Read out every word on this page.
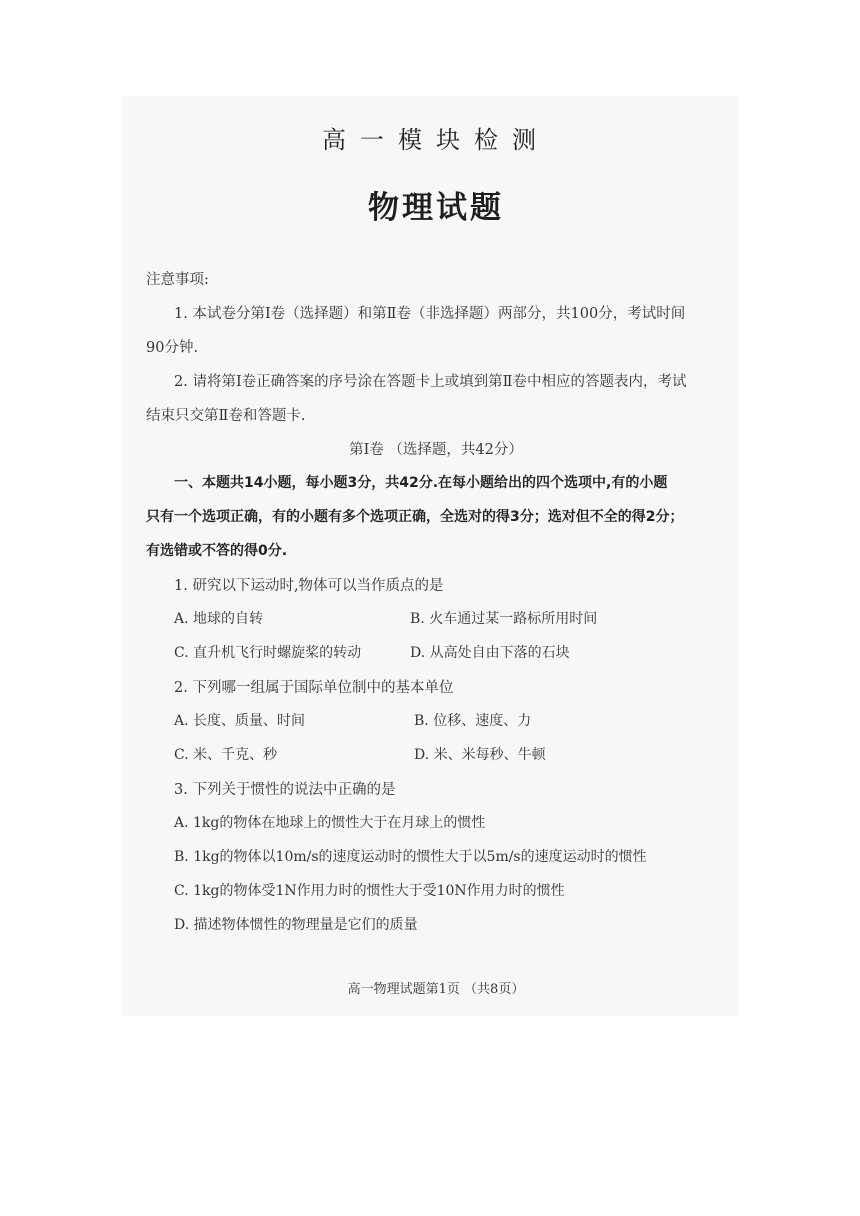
高一模块检测
物理试题
注意事项:
1. 本试卷分第Ⅰ卷（选择题）和第Ⅱ卷（非选择题）两部分，共100分，考试时间
90分钟.
2. 请将第Ⅰ卷正确答案的序号涂在答题卡上或填到第Ⅱ卷中相应的答题表内，考试
结束只交第Ⅱ卷和答题卡.
第Ⅰ卷 （选择题，共42分）
一、本题共14小题，每小题3分，共42分.在每小题给出的四个选项中,有的小题
只有一个选项正确，有的小题有多个选项正确，全选对的得3分；选对但不全的得2分；
有选错或不答的得0分.
1. 研究以下运动时,物体可以当作质点的是
A. 地球的自转	B. 火车通过某一路标所用时间
C. 直升机飞行时螺旋桨的转动	D. 从高处自由下落的石块
2. 下列哪一组属于国际单位制中的基本单位
A. 长度、质量、时间	B. 位移、速度、力
C. 米、千克、秒	D. 米、米每秒、牛顿
3. 下列关于惯性的说法中正确的是
A. 1kg的物体在地球上的惯性大于在月球上的惯性
B. 1kg的物体以10m/s的速度运动时的惯性大于以5m/s的速度运动时的惯性
C. 1kg的物体受1N作用力时的惯性大于受10N作用力时的惯性
D. 描述物体惯性的物理量是它们的质量
高一物理试题第1页 （共8页）
